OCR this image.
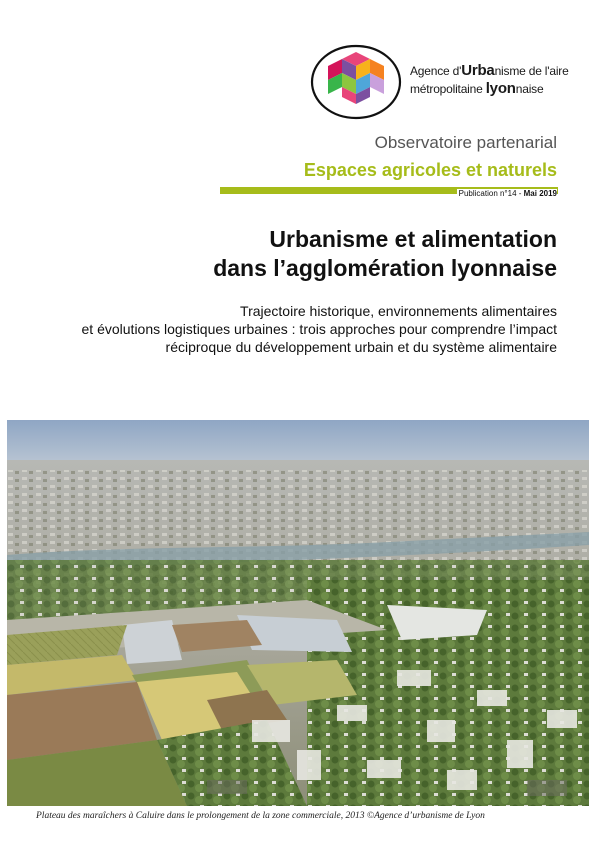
Agence d'Urbanisme de l'aire
métropolitaine lyonnaise
Observatoire partenarial
Espaces agricoles et naturels
Publication n°14 - Mai 2019
Urbanisme et alimentation
dans l’agglomération lyonnaise
Trajectoire historique, environnements alimentaires
et évolutions logistiques urbaines : trois approches pour comprendre l’impact
réciproque du développement urbain et du système alimentaire
Plateau des maraîchers à Caluire dans le prolongement de la zone commerciale, 2013 ©Agence d’urbanisme de Lyon
